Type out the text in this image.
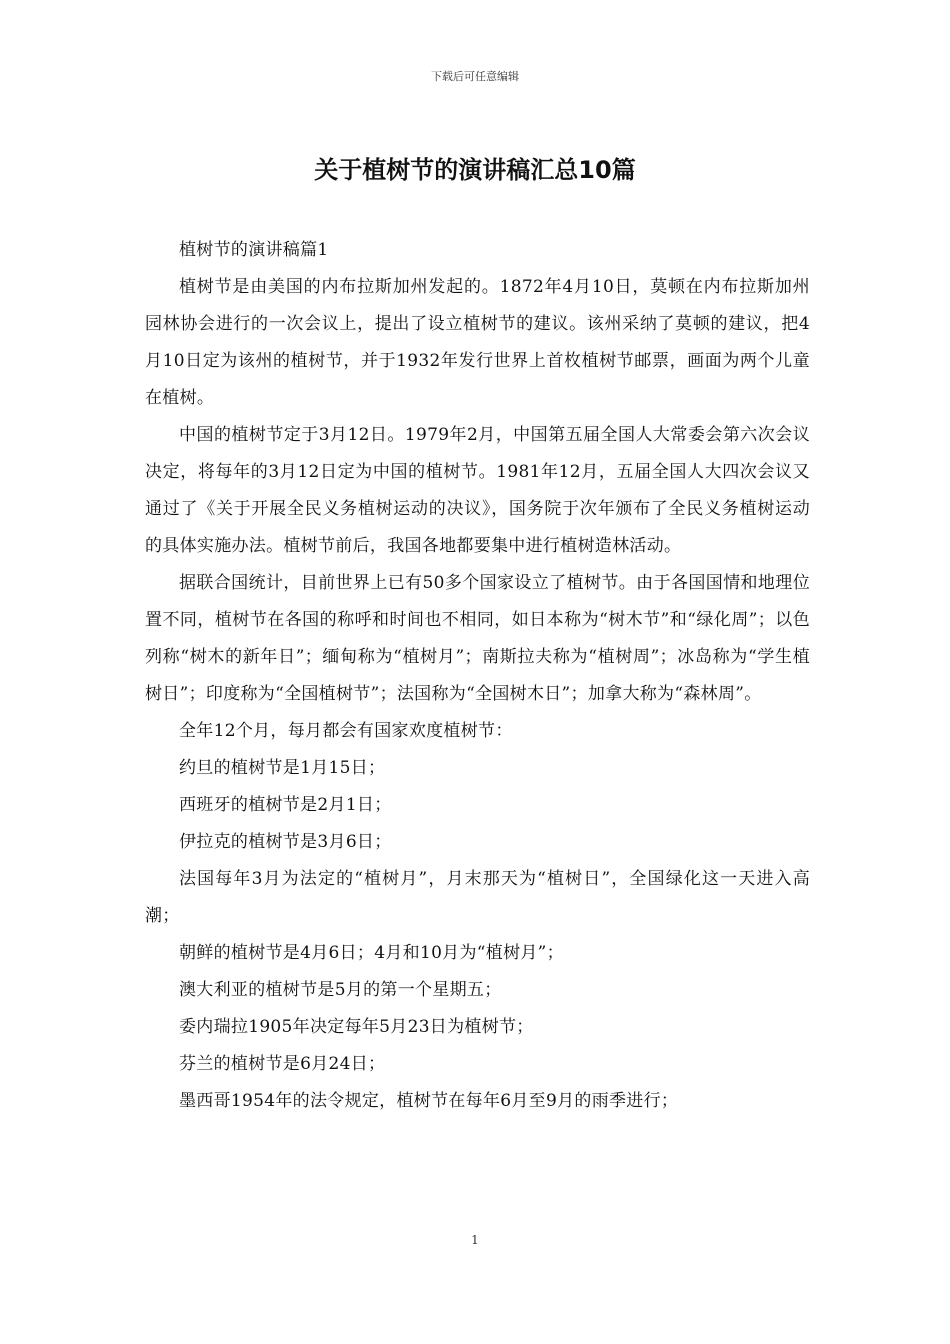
下载后可任意编辑
关于植树节的演讲稿汇总10篇

植树节的演讲稿篇1

植树节是由美国的内布拉斯加州发起的。1872年4月10日，莫顿在内布拉斯加州园林协会进行的一次会议上，提出了设立植树节的建议。该州采纳了莫顿的建议，把4月10日定为该州的植树节，并于1932年发行世界上首枚植树节邮票，画面为两个儿童在植树。

中国的植树节定于3月12日。1979年2月，中国第五届全国人大常委会第六次会议决定，将每年的3月12日定为中国的植树节。1981年12月，五届全国人大四次会议又通过了《关于开展全民义务植树运动的决议》，国务院于次年颁布了全民义务植树运动的具体实施办法。植树节前后，我国各地都要集中进行植树造林活动。

据联合国统计，目前世界上已有50多个国家设立了植树节。由于各国国情和地理位置不同，植树节在各国的称呼和时间也不相同，如日本称为“树木节”和“绿化周”；以色列称“树木的新年日”；缅甸称为“植树月”；南斯拉夫称为“植树周”；冰岛称为“学生植树日”；印度称为“全国植树节”；法国称为“全国树木日”；加拿大称为“森林周”。

全年12个月，每月都会有国家欢度植树节：

约旦的植树节是1月15日；

西班牙的植树节是2月1日；

伊拉克的植树节是3月6日；

法国每年3月为法定的“植树月”，月末那天为“植树日”，全国绿化这一天进入高潮；

朝鲜的植树节是4月6日；4月和10月为“植树月”；

澳大利亚的植树节是5月的第一个星期五；

委内瑞拉1905年决定每年5月23日为植树节；

芬兰的植树节是6月24日；

墨西哥1954年的法令规定，植树节在每年6月至9月的雨季进行；

1
